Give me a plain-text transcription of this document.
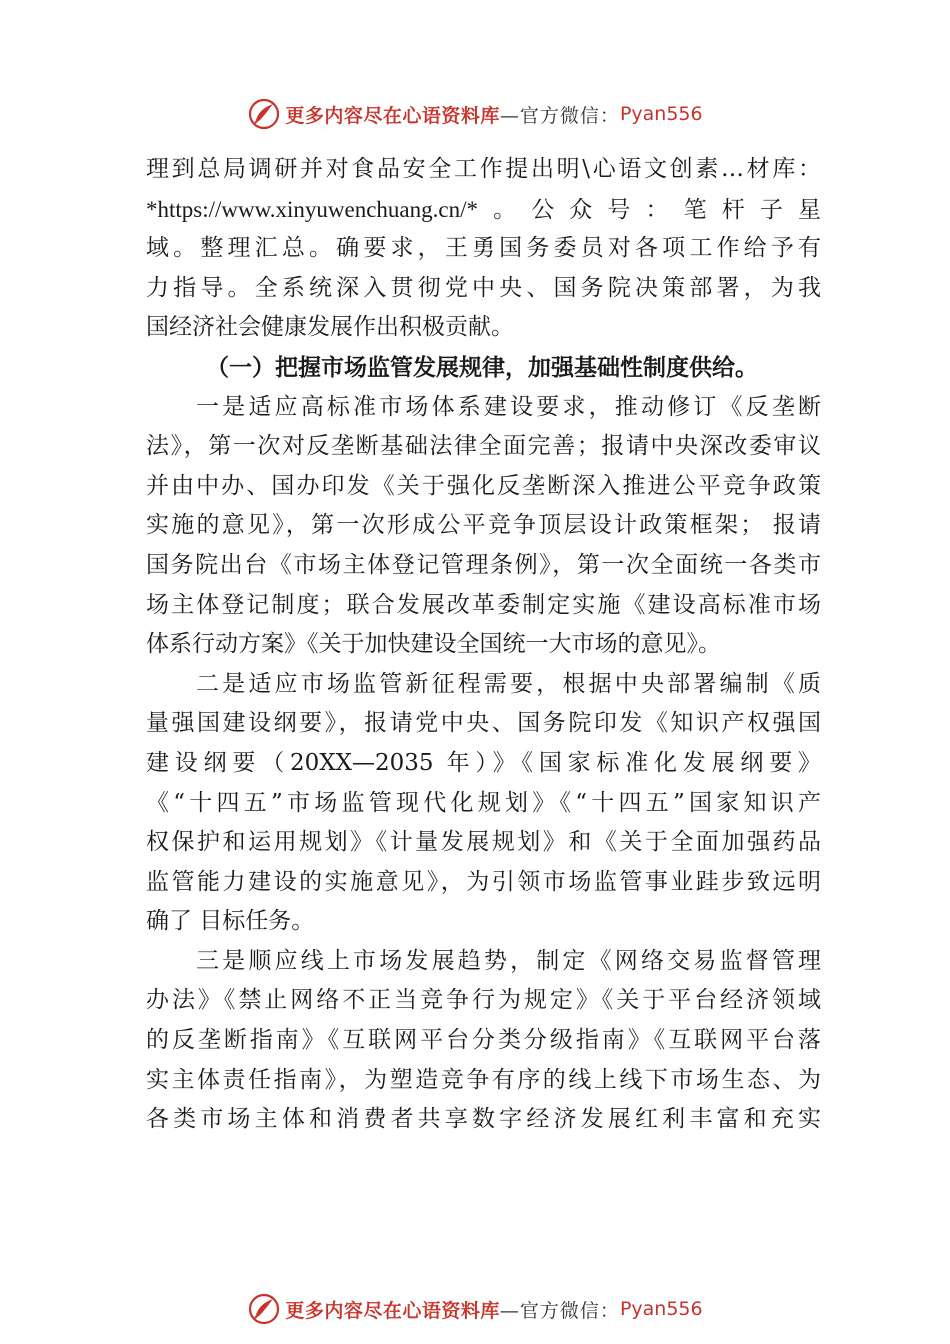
更多内容尽在心语资料库 —官方微信： Pyan556
理到总局调研并对食品安全工作提出明\心语文创素…材库：
*https://www.xinyuwenchuang.cn/*。公众号：笔杆子星
域。整理汇总。确要求，王勇国务委员对各项工作给予有
力指导。全系统深入贯彻党中央、国务院决策部署，为我
国经济社会健康发展作出积极贡献。
（一）把握市场监管发展规律，加强基础性制度供给。
一是适应高标准市场体系建设要求，推动修订《反垄断
法》，第一次对反垄断基础法律全面完善；报请中央深改委审议
并由中办、国办印发《关于强化反垄断深入推进公平竞争政策
实施的意见》，第一次形成公平竞争顶层设计政策框架； 报请
国务院出台《市场主体登记管理条例》，第一次全面统一各类市
场主体登记制度；联合发展改革委制定实施《建设高标准市场
体系行动方案》《关于加快建设全国统一大市场的意见》。
二是适应市场监管新征程需要，根据中央部署编制《质
量强国建设纲要》，报请党中央、国务院印发《知识产权强国
建设纲要（20XX—2035 年）》《国家标准化发展纲要》
《“十四五”市场监管现代化规划》《“十四五”国家知识产
权保护和运用规划》《计量发展规划》和《关于全面加强药品
监管能力建设的实施意见》，为引领市场监管事业跬步致远明
确了 目标任务。
三是顺应线上市场发展趋势，制定《网络交易监督管理
办法》《禁止网络不正当竞争行为规定》《关于平台经济领域
的反垄断指南》《互联网平台分类分级指南》《互联网平台落
实主体责任指南》，为塑造竞争有序的线上线下市场生态、为
各类市场主体和消费者共享数字经济发展红利丰富和充实
更多内容尽在心语资料库 —官方微信： Pyan556
